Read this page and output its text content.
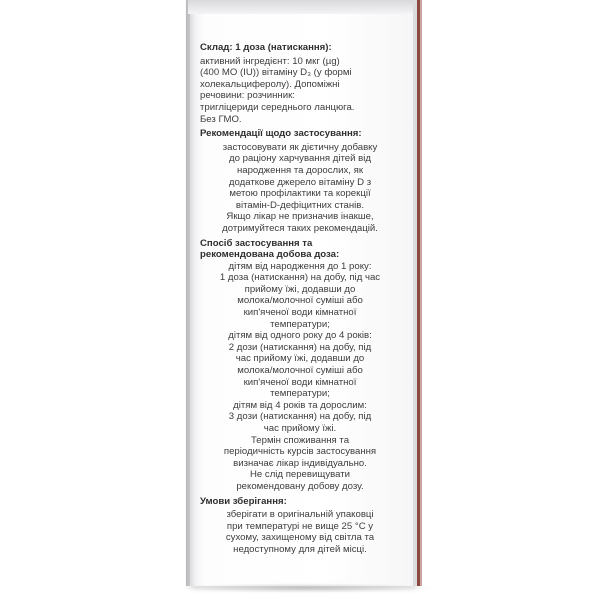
Склад: 1 доза (натискання):
активний інгредієнт: 10 мкг (µg)
(400 МО (IU)) вітаміну D₃ (у формі
холекальциферолу). Допоміжні
речовини: розчинник:
тригліцериди середнього ланцюга.
Без ГМО.
Рекомендації щодо застосування:
застосовувати як дієтичну добавку
до раціону харчування дітей від
народження та дорослих, як
додаткове джерело вітаміну D з
метою профілактики та корекції
вітамін-D-дефіцитних станів.
Якщо лікар не призначив інакше,
дотримуйтеся таких рекомендацій.
Спосіб застосування та
рекомендована добова доза:
дітям від народження до 1 року:
1 доза (натискання) на добу, під час
прийому їжі, додавши до
молока/молочної суміші або
кип'яченої води кімнатної
температури;
дітям від одного року до 4 років:
2 дози (натискання) на добу, під
час прийому їжі, додавши до
молока/молочної суміші або
кип'яченої води кімнатної
температури;
дітям від 4 років та дорослим:
3 дози (натискання) на добу, під
час прийому їжі.
Термін споживання та
періодичність курсів застосування
визначає лікар індивідуально.
Не слід перевищувати
рекомендовану добову дозу.
Умови зберігання:
зберігати в оригінальній упаковці
при температурі не вище 25 °С у
сухому, захищеному від світла та
недоступному для дітей місці.
